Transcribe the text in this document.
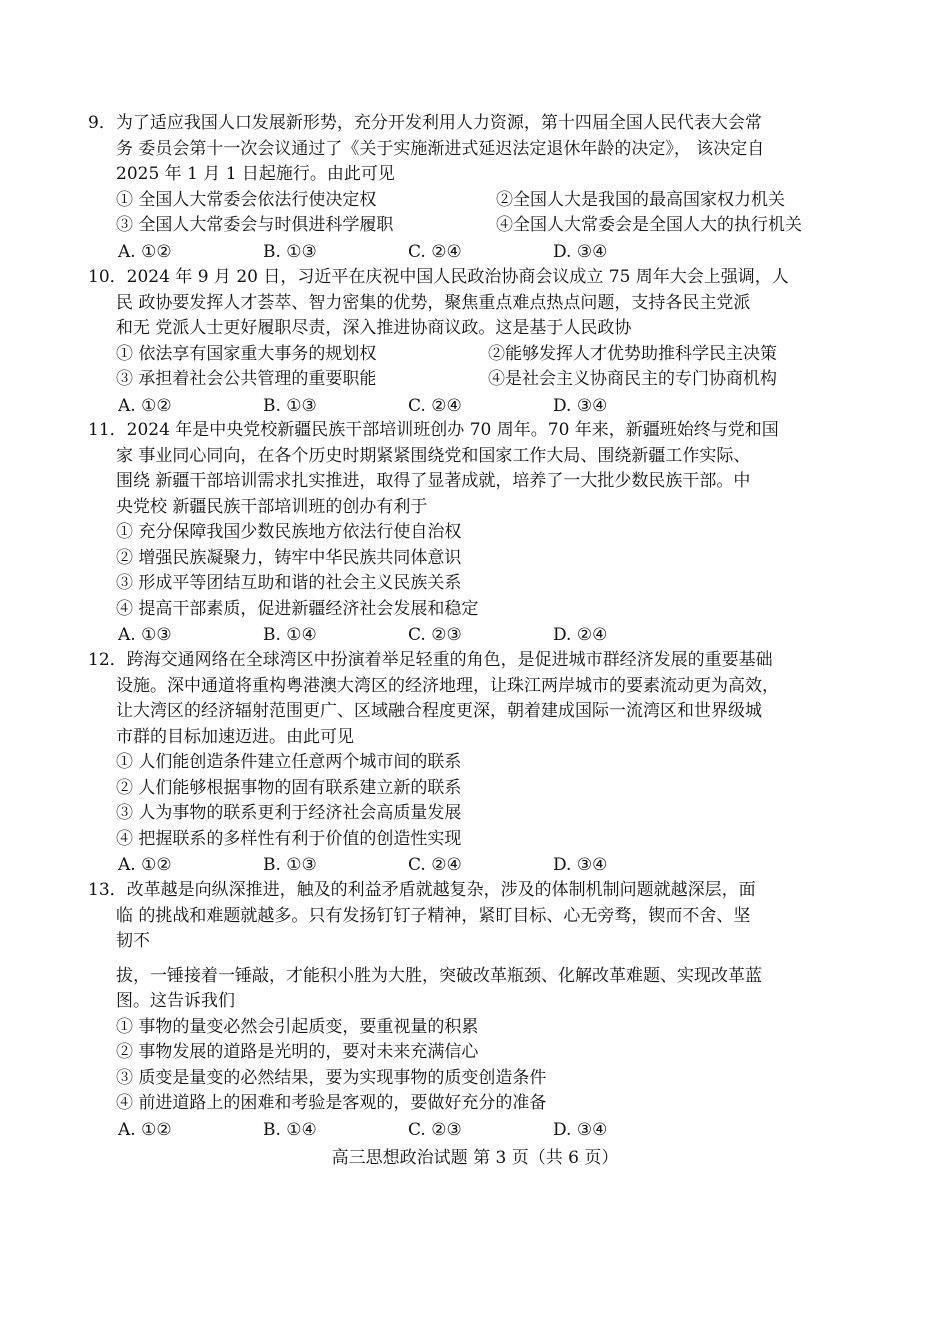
9．为了适应我国人口发展新形势，充分开发利用人力资源，第十四届全国人民代表大会常
务 委员会第十一次会议通过了《关于实施渐进式延迟法定退休年龄的决定》， 该决定自
2025 年 1 月 1 日起施行。由此可见
① 全国人大常委会依法行使决定权	②全国人大是我国的最高国家权力机关
③ 全国人大常委会与时俱进科学履职	④全国人大常委会是全国人大的执行机关
A. ①②	B. ①③	C. ②④	D. ③④
10．2024 年 9 月 20 日，习近平在庆祝中国人民政治协商会议成立 75 周年大会上强调，人
民 政协要发挥人才荟萃、智力密集的优势，聚焦重点难点热点问题，支持各民主党派
和无 党派人士更好履职尽责，深入推进协商议政。这是基于人民政协
① 依法享有国家重大事务的规划权	②能够发挥人才优势助推科学民主决策
③ 承担着社会公共管理的重要职能	④是社会主义协商民主的专门协商机构
A. ①②	B. ①③	C. ②④	D. ③④
11．2024 年是中央党校新疆民族干部培训班创办 70 周年。70 年来，新疆班始终与党和国
家 事业同心同向，在各个历史时期紧紧围绕党和国家工作大局、围绕新疆工作实际、
围绕 新疆干部培训需求扎实推进，取得了显著成就，培养了一大批少数民族干部。中
央党校 新疆民族干部培训班的创办有利于
① 充分保障我国少数民族地方依法行使自治权
② 增强民族凝聚力，铸牢中华民族共同体意识
③ 形成平等团结互助和谐的社会主义民族关系
④ 提高干部素质，促进新疆经济社会发展和稳定
A. ①③	B. ①④	C. ②③	D. ②④
12．跨海交通网络在全球湾区中扮演着举足轻重的角色，是促进城市群经济发展的重要基础
设施。深中通道将重构粤港澳大湾区的经济地理，让珠江两岸城市的要素流动更为高效，
让大湾区的经济辐射范围更广、区域融合程度更深，朝着建成国际一流湾区和世界级城
市群的目标加速迈进。由此可见
① 人们能创造条件建立任意两个城市间的联系
② 人们能够根据事物的固有联系建立新的联系
③ 人为事物的联系更利于经济社会高质量发展
④ 把握联系的多样性有利于价值的创造性实现
A. ①②	B. ①③	C. ②④	D. ③④
13．改革越是向纵深推进，触及的利益矛盾就越复杂，涉及的体制机制问题就越深层，面
临 的挑战和难题就越多。只有发扬钉钉子精神，紧盯目标、心无旁骛，锲而不舍、坚
韧不
拔，一锤接着一锤敲，才能积小胜为大胜，突破改革瓶颈、化解改革难题、实现改革蓝
图。这告诉我们
① 事物的量变必然会引起质变，要重视量的积累
② 事物发展的道路是光明的，要对未来充满信心
③ 质变是量变的必然结果，要为实现事物的质变创造条件
④ 前进道路上的困难和考验是客观的，要做好充分的准备
A. ①②	B. ①④	C. ②③	D. ③④
高三思想政治试题 第 3 页（共 6 页）
